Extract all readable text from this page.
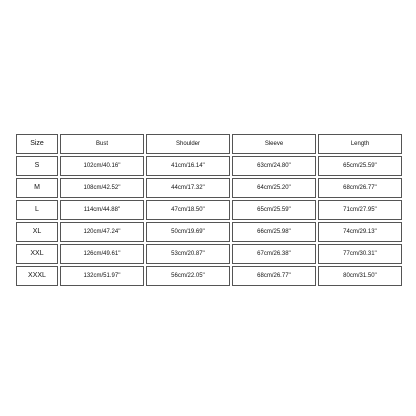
Size	Bust	Shoulder	Sleeve	Length
S	102cm/40.16''	41cm/16.14''	63cm/24.80''	65cm/25.59''
M	108cm/42.52''	44cm/17.32''	64cm/25.20''	68cm/26.77''
L	114cm/44.88''	47cm/18.50''	65cm/25.59''	71cm/27.95''
XL	120cm/47.24''	50cm/19.69''	66cm/25.98''	74cm/29.13''
XXL	126cm/49.61''	53cm/20.87''	67cm/26.38''	77cm/30.31''
XXXL	132cm/51.97''	56cm/22.05''	68cm/26.77''	80cm/31.50''
